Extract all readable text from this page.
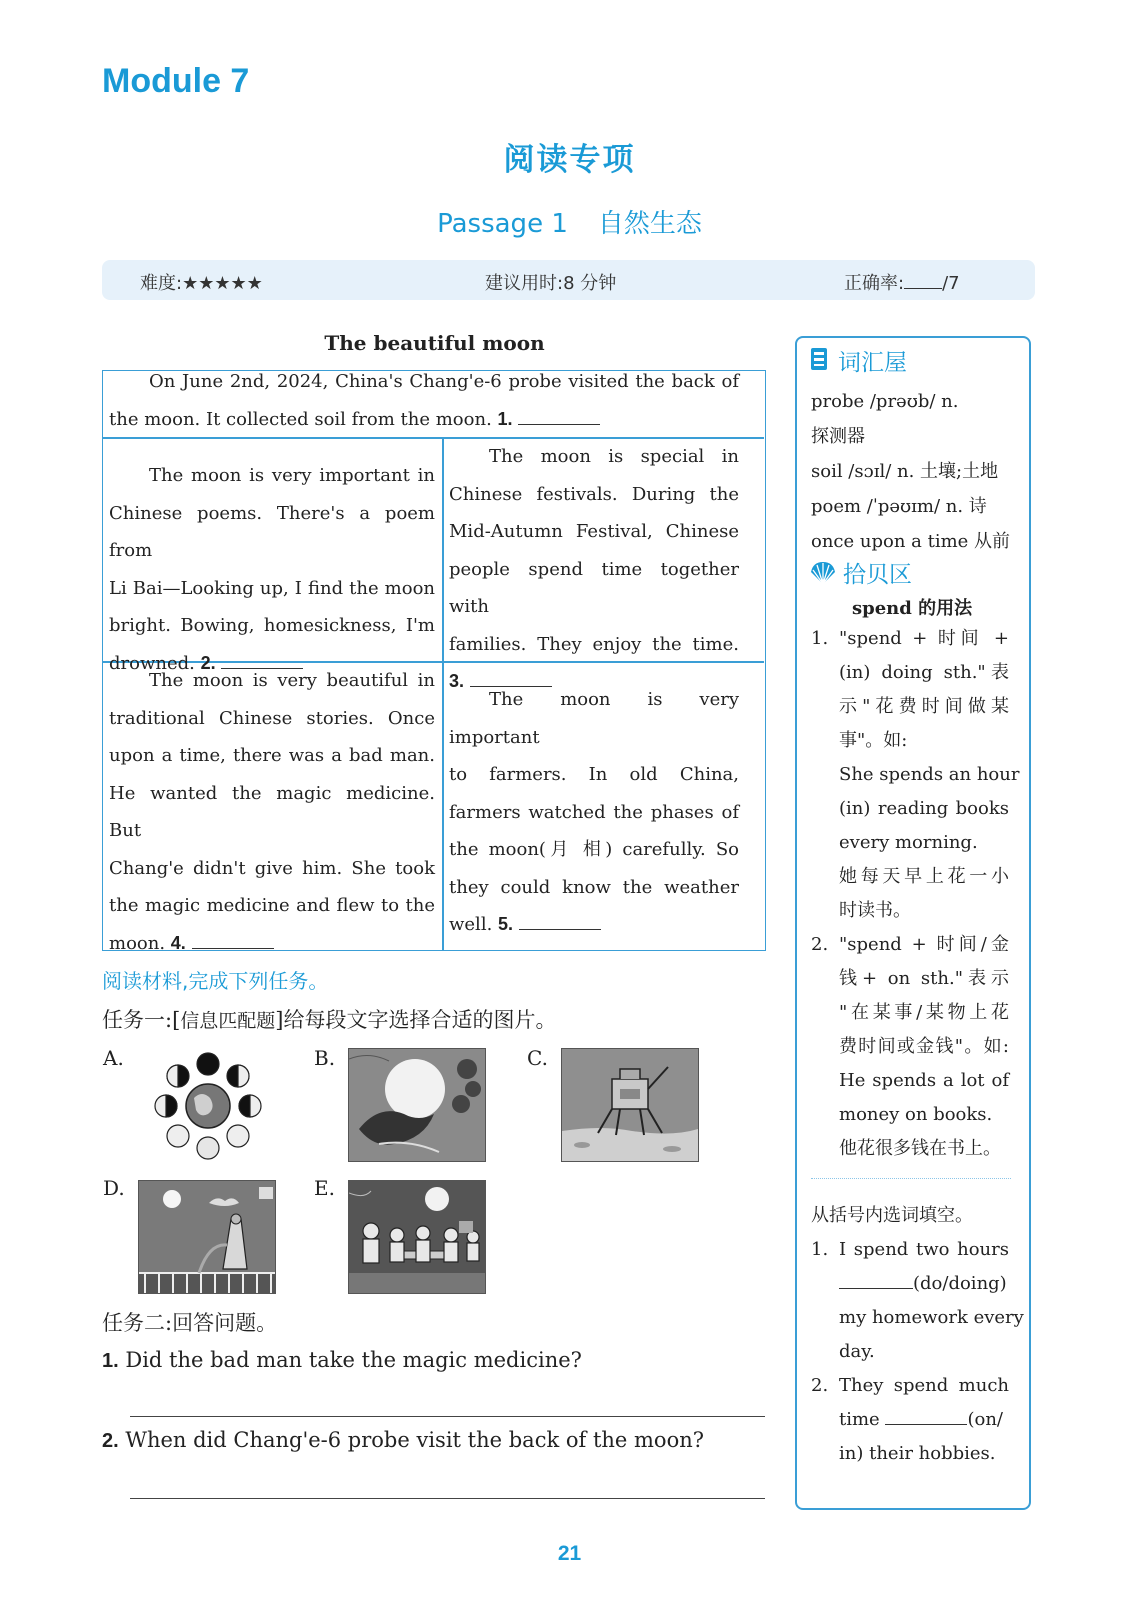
Module 7
阅读专项
Passage 1 自然生态
难度:★★★★★	建议用时:8 分钟	正确率: /7
The beautiful moon
On June 2nd, 2024, China's Chang'e-6 probe visited the back of
the moon. It collected soil from the moon. 1.
The moon is very important in
Chinese poems. There's a poem from
Li Bai—Looking up, I find the moon
bright. Bowing, homesickness, I'm
drowned. 2.
The moon is special in
Chinese festivals. During the
Mid-Autumn Festival, Chinese
people spend time together with
families. They enjoy the time.
3.
The moon is very beautiful in
traditional Chinese stories. Once
upon a time, there was a bad man.
He wanted the magic medicine. But
Chang'e didn't give him. She took
the magic medicine and flew to the
moon. 4.
The moon is very important
to farmers. In old China,
farmers watched the phases of
the moon(月 相) carefully. So
they could know the weather
well. 5.
阅读材料,完成下列任务。
任务一:[信息匹配题]给每段文字选择合适的图片。
A.	B.	C.
D.	E.
任务二:回答问题。
1. Did the bad man take the magic medicine?
2. When did Chang'e-6 probe visit the back of the moon?
21
词汇屋
probe /prəʊb/ n.
探测器
soil /sɔɪl/ n. 土壤;土地
poem /ˈpəʊɪm/ n. 诗
once upon a time 从前
拾贝区
spend 的用法
1. "spend + 时间 +
(in) doing sth."表
示"花费时间做某
事"。如:
She spends an hour
(in) reading books
every morning.
她每天早上花一小
时读书。
2. "spend + 时间/金
钱+ on sth."表示
"在某事/某物上花
费时间或金钱"。如:
He spends a lot of
money on books.
他花很多钱在书上。
从括号内选词填空。
1. I spend two hours
(do/doing)
my homework every
day.
2. They spend much
time	(on/
in) their hobbies.
